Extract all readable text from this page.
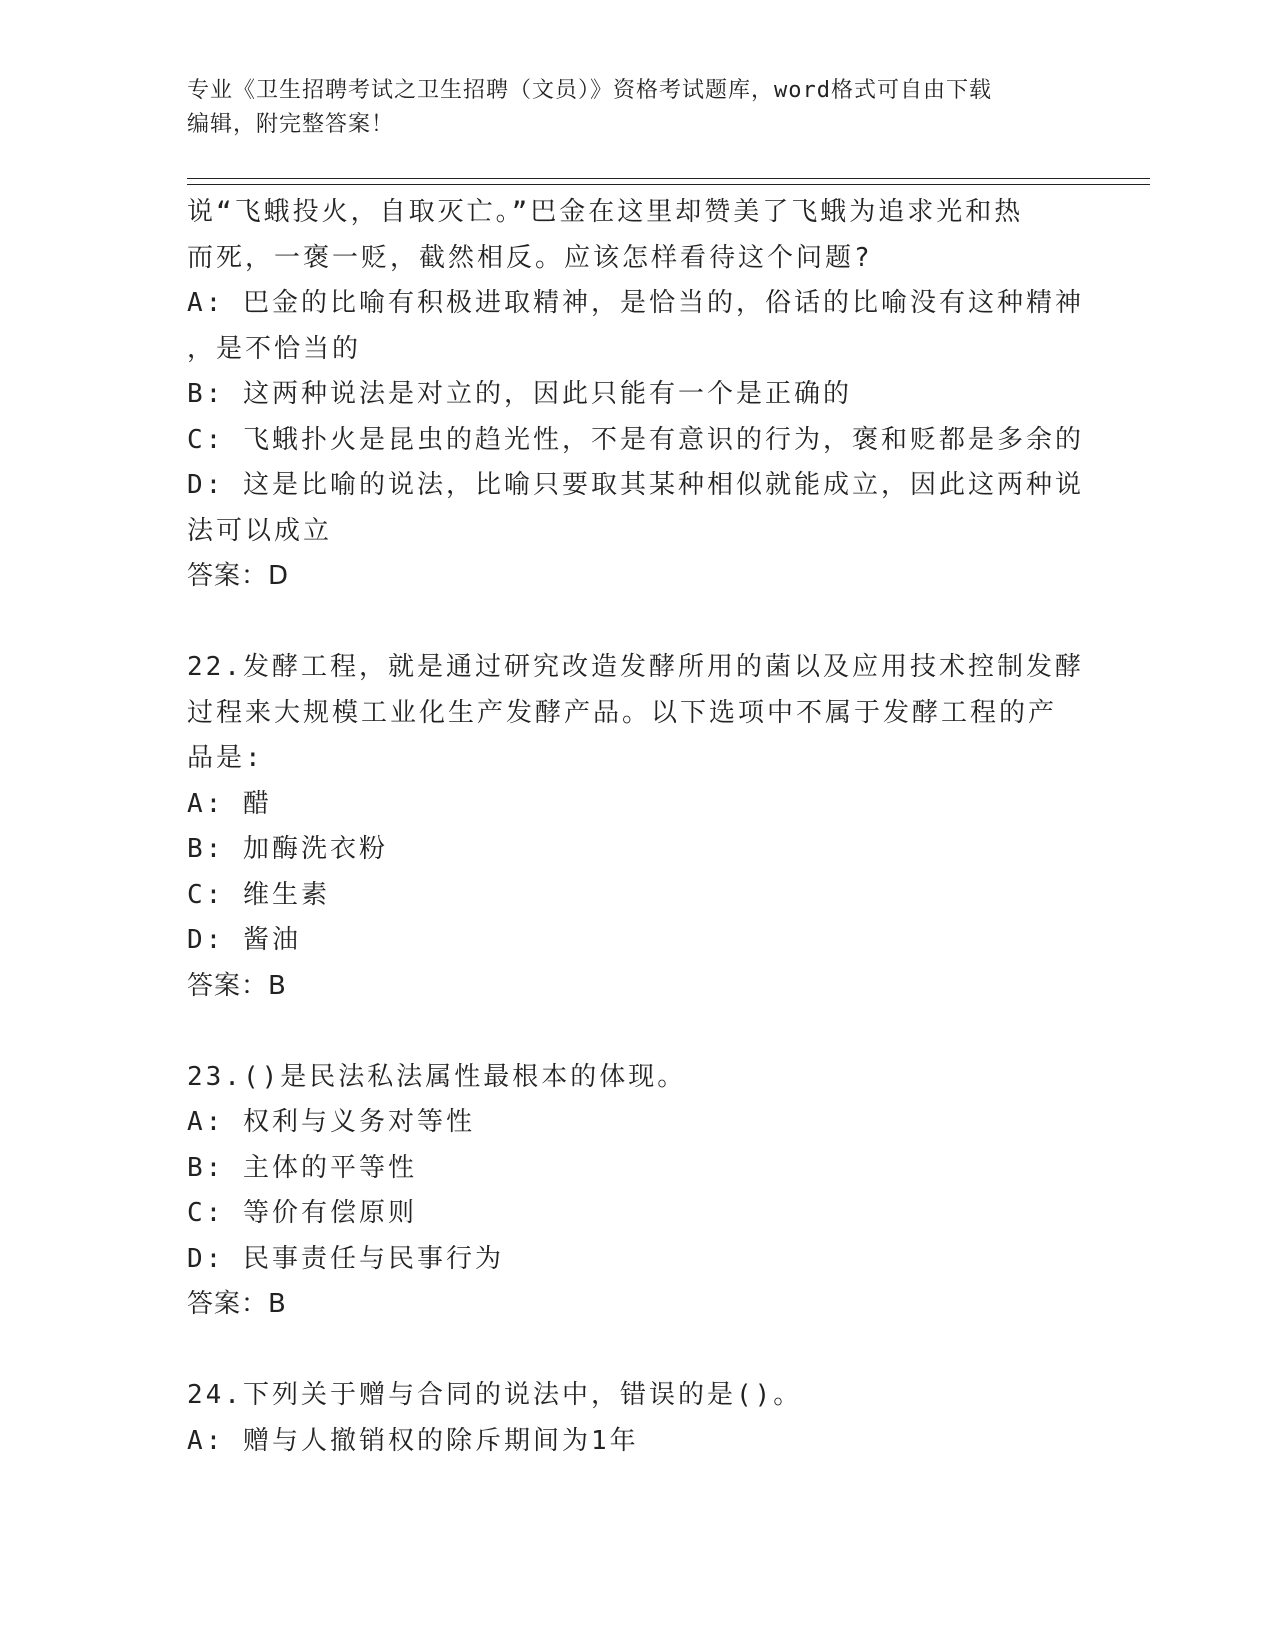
专业《卫生招聘考试之卫生招聘（文员）》资格考试题库，word格式可自由下载
编辑，附完整答案！
说“飞蛾投火，自取灭亡。”巴金在这里却赞美了飞蛾为追求光和热
而死，一褒一贬，截然相反。应该怎样看待这个问题?
A: 巴金的比喻有积极进取精神，是恰当的，俗话的比喻没有这种精神
，是不恰当的
B: 这两种说法是对立的，因此只能有一个是正确的
C: 飞蛾扑火是昆虫的趋光性，不是有意识的行为，褒和贬都是多余的
D: 这是比喻的说法，比喻只要取其某种相似就能成立，因此这两种说
法可以成立
答案：D
22.发酵工程，就是通过研究改造发酵所用的菌以及应用技术控制发酵
过程来大规模工业化生产发酵产品。以下选项中不属于发酵工程的产
品是:
A: 醋
B: 加酶洗衣粉
C: 维生素
D: 酱油
答案：B
23.()是民法私法属性最根本的体现。
A: 权利与义务对等性
B: 主体的平等性
C: 等价有偿原则
D: 民事责任与民事行为
答案：B
24.下列关于赠与合同的说法中，错误的是()。
A: 赠与人撤销权的除斥期间为1年
